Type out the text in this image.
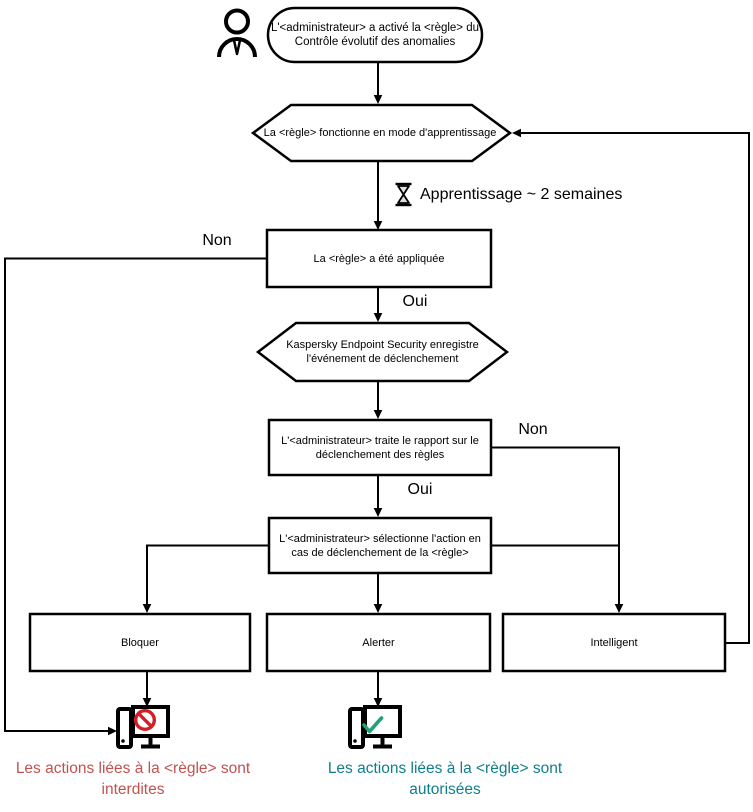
L'<administrateur> a activé la <règle> du
Contrôle évolutif des anomalies
La <règle> fonctionne en mode d'apprentissage
Apprentissage ~ 2 semaines
La <règle> a été appliquée
Non
Oui
Kaspersky Endpoint Security enregistre
l'événement de déclenchement
L'<administrateur> traite le rapport sur le
déclenchement des règles
Non
Oui
L'<administrateur> sélectionne l'action en
cas de déclenchement de la <règle>
Bloquer	Alerter	Intelligent
Les actions liées à la <règle> sont
interdites
Les actions liées à la <règle> sont
autorisées
